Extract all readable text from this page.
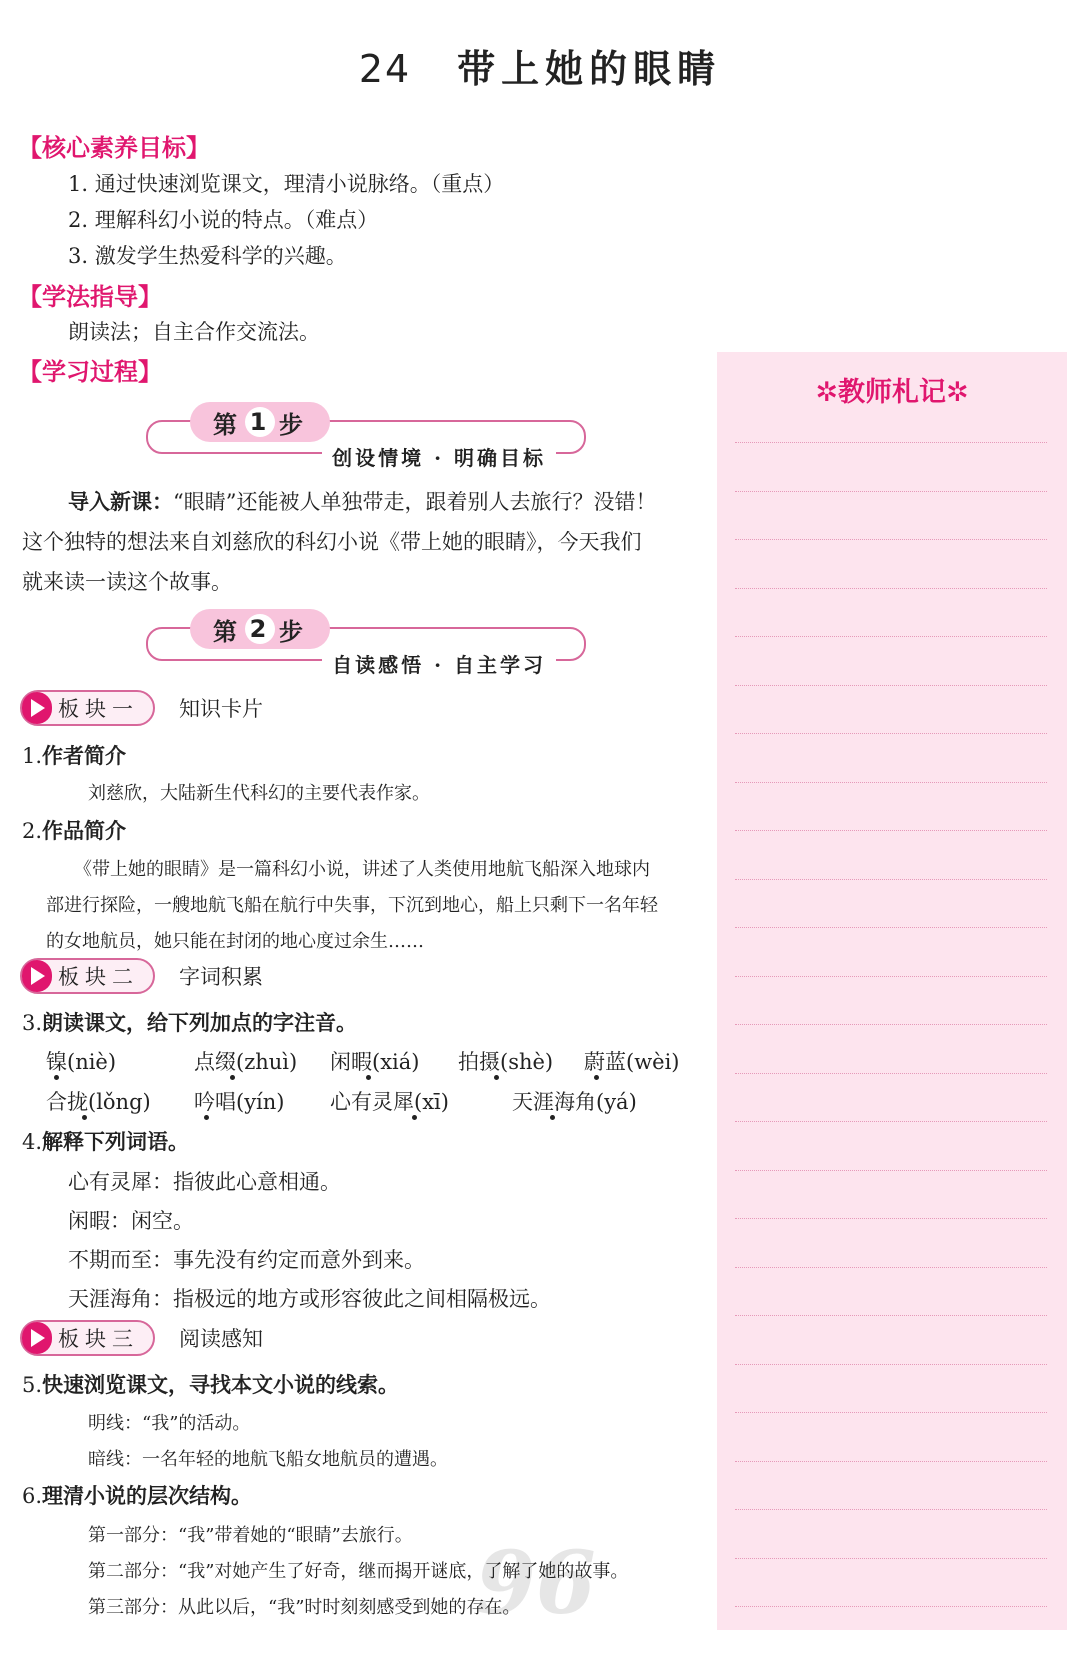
24 带上她的眼睛
【核心素养目标】
1. 通过快速浏览课文，理清小说脉络。（重点）
2. 理解科幻小说的特点。（难点）
3. 激发学生热爱科学的兴趣。
【学法指导】
朗读法；自主合作交流法。
【学习过程】
第 1 步
创设情境 · 明确目标
导入新课：“眼睛”还能被人单独带走，跟着别人去旅行？没错！
这个独特的想法来自刘慈欣的科幻小说《带上她的眼睛》，今天我们
就来读一读这个故事。
第 2 步
自读感悟 · 自主学习
板块一 知识卡片
1.作者简介
刘慈欣，大陆新生代科幻的主要代表作家。
2.作品简介
《带上她的眼睛》是一篇科幻小说，讲述了人类使用地航飞船深入地球内
部进行探险，一艘地航飞船在航行中失事，下沉到地心，船上只剩下一名年轻
的女地航员，她只能在封闭的地心度过余生……
板块二 字词积累
3.朗读课文，给下列加点的字注音。
镍(niè)	点缀(zhuì) 闲暇(xiá) 拍摄(shè) 蔚蓝(wèi)
合拢(lǒng) 吟唱(yín) 心有灵犀(xī)	天涯海角(yá)
4.解释下列词语。
心有灵犀：指彼此心意相通。
闲暇：闲空。
不期而至：事先没有约定而意外到来。
天涯海角：指极远的地方或形容彼此之间相隔极远。
板块三 阅读感知
5.快速浏览课文，寻找本文小说的线索。
明线：“我”的活动。
暗线：一名年轻的地航飞船女地航员的遭遇。
6.理清小说的层次结构。
96
第一部分：“我”带着她的“眼睛”去旅行。
第二部分：“我”对她产生了好奇，继而揭开谜底，了解了她的故事。
第三部分：从此以后，“我”时时刻刻感受到她的存在。
✲教师札记✲
